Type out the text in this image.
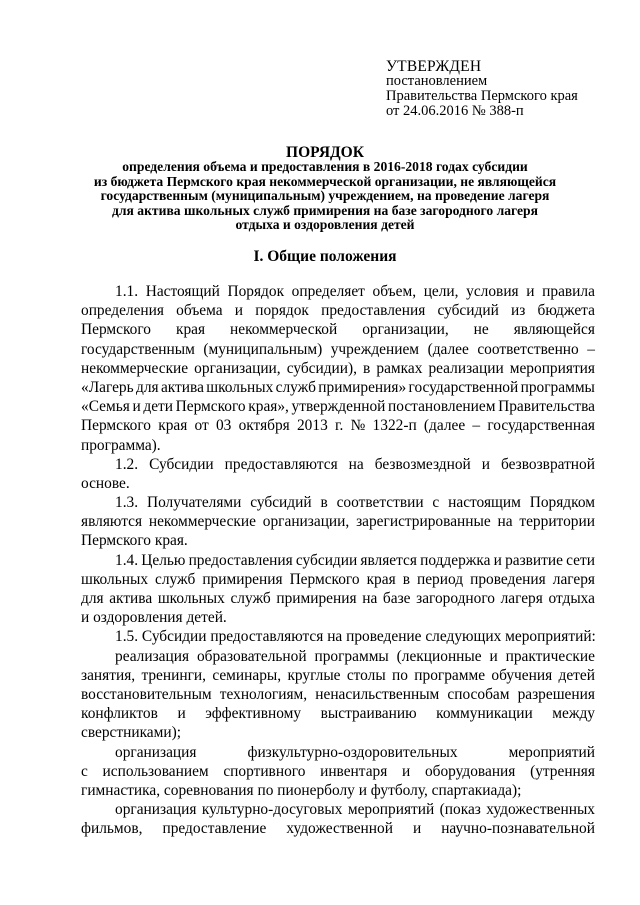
УТВЕРЖДЕН
постановлением
Правительства Пермского края
от 24.06.2016 № 388-п
ПОРЯДОК
определения объема и предоставления в 2016-2018 годах субсидии
из бюджета Пермского края некоммерческой организации, не являющейся
государственным (муниципальным) учреждением, на проведение лагеря
для актива школьных служб примирения на базе загородного лагеря
отдыха и оздоровления детей
I. Общие положения
1.1. Настоящий Порядок определяет объем, цели, условия и правила
определения объема и порядок предоставления субсидий из бюджета
Пермского края некоммерческой организации, не являющейся
государственным (муниципальным) учреждением (далее соответственно –
некоммерческие организации, субсидии), в рамках реализации мероприятия
«Лагерь для актива школьных служб примирения» государственной программы
«Семья и дети Пермского края», утвержденной постановлением Правительства
Пермского края от 03 октября 2013 г. № 1322-п (далее – государственная
программа).
1.2. Субсидии предоставляются на безвозмездной и безвозвратной
основе.
1.3. Получателями субсидий в соответствии с настоящим Порядком
являются некоммерческие организации, зарегистрированные на территории
Пермского края.
1.4. Целью предоставления субсидии является поддержка и развитие сети
школьных служб примирения Пермского края в период проведения лагеря
для актива школьных служб примирения на базе загородного лагеря отдыха
и оздоровления детей.
1.5. Субсидии предоставляются на проведение следующих мероприятий:
реализация образовательной программы (лекционные и практические
занятия, тренинги, семинары, круглые столы по программе обучения детей
восстановительным технологиям, ненасильственным способам разрешения
конфликтов и эффективному выстраиванию коммуникации между
сверстниками);
организация	физкультурно-оздоровительных	мероприятий
с использованием спортивного инвентаря и оборудования (утренняя
гимнастика, соревнования по пионерболу и футболу, спартакиада);
организация культурно-досуговых мероприятий (показ художественных
фильмов, предоставление художественной и научно-познавательной
